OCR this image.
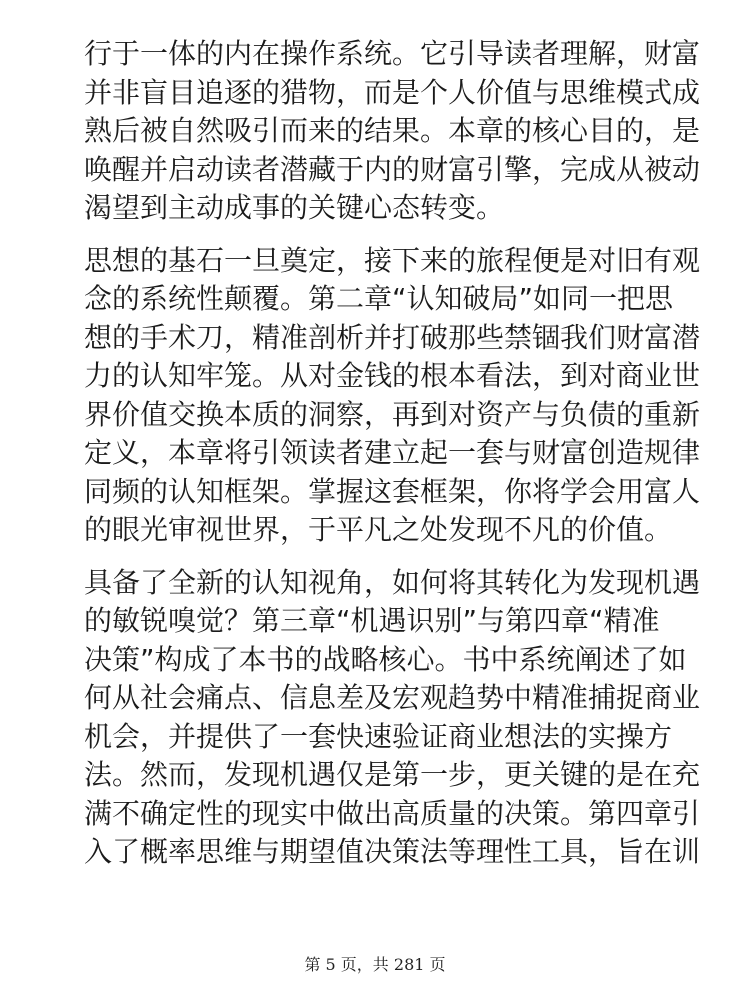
行于一体的内在操作系统。它引导读者理解，财富
并非盲目追逐的猎物，而是个人价值与思维模式成
熟后被自然吸引而来的结果。本章的核心目的，是
唤醒并启动读者潜藏于内的财富引擎，完成从被动
渴望到主动成事的关键心态转变。
思想的基石一旦奠定，接下来的旅程便是对旧有观
念的系统性颠覆。第二章“认知破局”如同一把思
想的手术刀，精准剖析并打破那些禁锢我们财富潜
力的认知牢笼。从对金钱的根本看法，到对商业世
界价值交换本质的洞察，再到对资产与负债的重新
定义，本章将引领读者建立起一套与财富创造规律
同频的认知框架。掌握这套框架，你将学会用富人
的眼光审视世界，于平凡之处发现不凡的价值。
具备了全新的认知视角，如何将其转化为发现机遇
的敏锐嗅觉？第三章“机遇识别”与第四章“精准
决策”构成了本书的战略核心。书中系统阐述了如
何从社会痛点、信息差及宏观趋势中精准捕捉商业
机会，并提供了一套快速验证商业想法的实操方
法。然而，发现机遇仅是第一步，更关键的是在充
满不确定性的现实中做出高质量的决策。第四章引
入了概率思维与期望值决策法等理性工具，旨在训
第 5 页，共 281 页
